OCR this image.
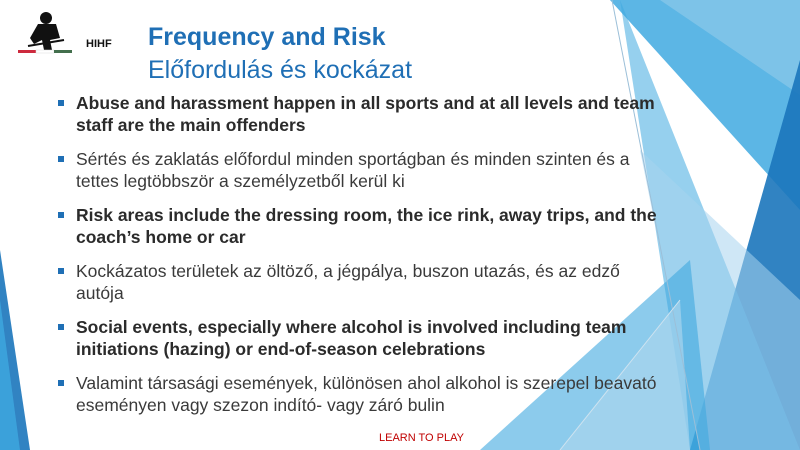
HIHF Frequency and Risk
Előfordulás és kockázat
Abuse and harassment happen in all sports and at all levels and team staff are the main offenders
Sértés és zaklatás előfordul minden sportágban és minden szinten és a tettes legtöbbször a személyzetből kerül ki
Risk areas include the dressing room, the ice rink, away trips, and the coach’s home or car
Kockázatos területek az öltöző, a jégpálya, buszon utazás, és az edző autója
Social events, especially where alcohol is involved including team initiations (hazing) or end-of-season celebrations
Valamint társasági események, különösen ahol alkohol is szerepel beavató eseményen vagy szezon indító- vagy záró bulin
LEARN TO PLAY
